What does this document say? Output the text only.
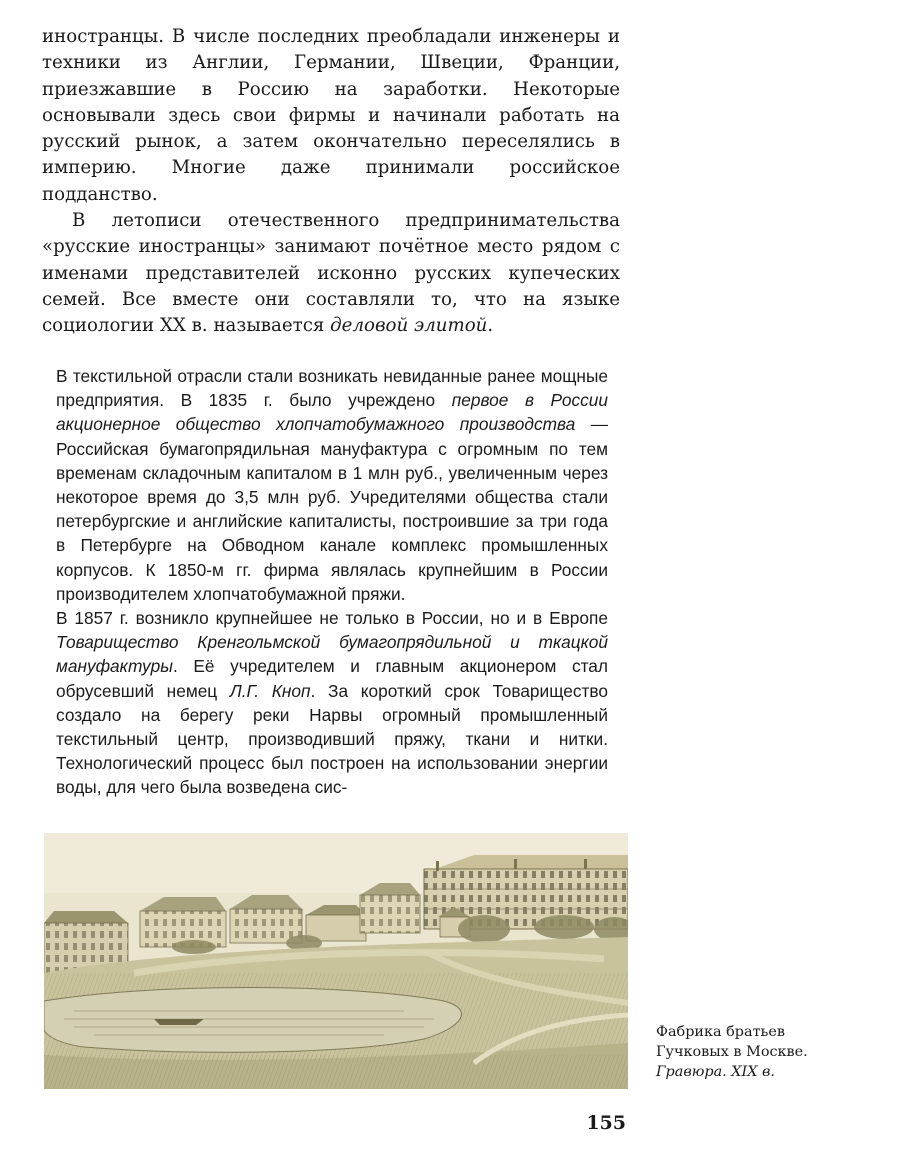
иностранцы. В числе последних преобладали инженеры и техники из Англии, Германии, Швеции, Франции, приезжавшие в Россию на заработки. Некоторые основывали здесь свои фирмы и начинали работать на русский рынок, а затем окончательно переселялись в империю. Многие даже принимали российское подданство.

В летописи отечественного предпринимательства «русские иностранцы» занимают почётное место рядом с именами представителей исконно русских купеческих семей. Все вместе они составляли то, что на языке социологии XX в. называется деловой элитой.

В текстильной отрасли стали возникать невиданные ранее мощные предприятия. В 1835 г. было учреждено первое в России акционерное общество хлопчатобумажного производства — Российская бумагопрядильная мануфактура с огромным по тем временам складочным капиталом в 1 млн руб., увеличенным через некоторое время до 3,5 млн руб. Учредителями общества стали петербургские и английские капиталисты, построившие за три года в Петербурге на Обводном канале комплекс промышленных корпусов. К 1850-м гг. фирма являлась крупнейшим в России производителем хлопчатобумажной пряжи.

В 1857 г. возникло крупнейшее не только в России, но и в Европе Товарищество Кренгольмской бумагопрядильной и ткацкой мануфактуры. Её учредителем и главным акционером стал обрусевший немец Л.Г. Кноп. За короткий срок Товарищество создало на берегу реки Нарвы огромный промышленный текстильный центр, производивший пряжу, ткани и нитки. Технологический процесс был построен на использовании энергии воды, для чего была возведена сис-

Фабрика братьев
Гучковых в Москве.
Гравюра. XIX в.
155
